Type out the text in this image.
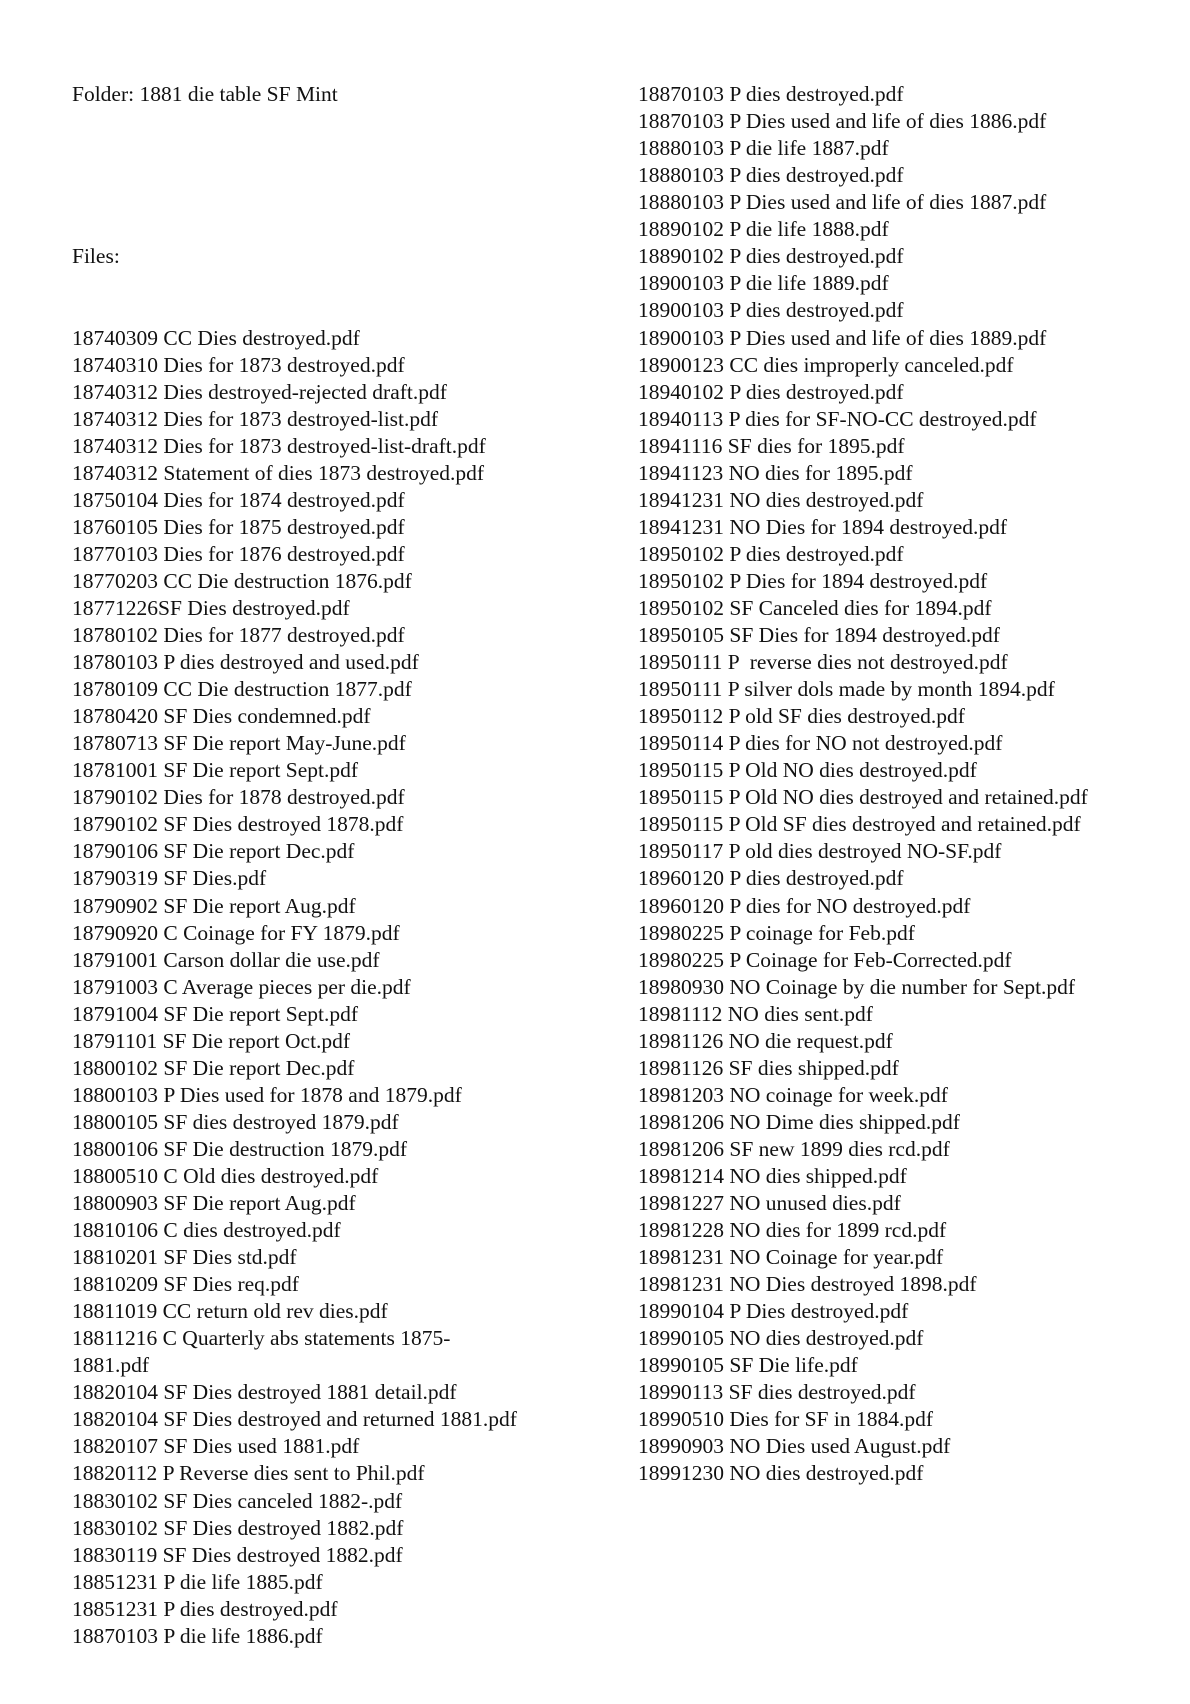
Folder: 1881 die table SF Mint

Files:

18740309 CC Dies destroyed.pdf
18740310 Dies for 1873 destroyed.pdf
18740312 Dies destroyed-rejected draft.pdf
18740312 Dies for 1873 destroyed-list.pdf
18740312 Dies for 1873 destroyed-list-draft.pdf
18740312 Statement of dies 1873 destroyed.pdf
18750104 Dies for 1874 destroyed.pdf
18760105 Dies for 1875 destroyed.pdf
18770103 Dies for 1876 destroyed.pdf
18770203 CC Die destruction 1876.pdf
18771226SF Dies destroyed.pdf
18780102 Dies for 1877 destroyed.pdf
18780103 P dies destroyed and used.pdf
18780109 CC Die destruction 1877.pdf
18780420 SF Dies condemned.pdf
18780713 SF Die report May-June.pdf
18781001 SF Die report Sept.pdf
18790102 Dies for 1878 destroyed.pdf
18790102 SF Dies destroyed 1878.pdf
18790106 SF Die report Dec.pdf
18790319 SF Dies.pdf
18790902 SF Die report Aug.pdf
18790920 C Coinage for FY 1879.pdf
18791001 Carson dollar die use.pdf
18791003 C Average pieces per die.pdf
18791004 SF Die report Sept.pdf
18791101 SF Die report Oct.pdf
18800102 SF Die report Dec.pdf
18800103 P Dies used for 1878 and 1879.pdf
18800105 SF dies destroyed 1879.pdf
18800106 SF Die destruction 1879.pdf
18800510 C Old dies destroyed.pdf
18800903 SF Die report Aug.pdf
18810106 C dies destroyed.pdf
18810201 SF Dies std.pdf
18810209 SF Dies req.pdf
18811019 CC return old rev dies.pdf
18811216 C Quarterly abs statements 1875-
1881.pdf
18820104 SF Dies destroyed 1881 detail.pdf
18820104 SF Dies destroyed and returned 1881.pdf
18820107 SF Dies used 1881.pdf
18820112 P Reverse dies sent to Phil.pdf
18830102 SF Dies canceled 1882-.pdf
18830102 SF Dies destroyed 1882.pdf
18830119 SF Dies destroyed 1882.pdf
18851231 P die life 1885.pdf
18851231 P dies destroyed.pdf
18870103 P die life 1886.pdf

18870103 P dies destroyed.pdf
18870103 P Dies used and life of dies 1886.pdf
18880103 P die life 1887.pdf
18880103 P dies destroyed.pdf
18880103 P Dies used and life of dies 1887.pdf
18890102 P die life 1888.pdf
18890102 P dies destroyed.pdf
18900103 P die life 1889.pdf
18900103 P dies destroyed.pdf
18900103 P Dies used and life of dies 1889.pdf
18900123 CC dies improperly canceled.pdf
18940102 P dies destroyed.pdf
18940113 P dies for SF-NO-CC destroyed.pdf
18941116 SF dies for 1895.pdf
18941123 NO dies for 1895.pdf
18941231 NO dies destroyed.pdf
18941231 NO Dies for 1894 destroyed.pdf
18950102 P dies destroyed.pdf
18950102 P Dies for 1894 destroyed.pdf
18950102 SF Canceled dies for 1894.pdf
18950105 SF Dies for 1894 destroyed.pdf
18950111 P  reverse dies not destroyed.pdf
18950111 P silver dols made by month 1894.pdf
18950112 P old SF dies destroyed.pdf
18950114 P dies for NO not destroyed.pdf
18950115 P Old NO dies destroyed.pdf
18950115 P Old NO dies destroyed and retained.pdf
18950115 P Old SF dies destroyed and retained.pdf
18950117 P old dies destroyed NO-SF.pdf
18960120 P dies destroyed.pdf
18960120 P dies for NO destroyed.pdf
18980225 P coinage for Feb.pdf
18980225 P Coinage for Feb-Corrected.pdf
18980930 NO Coinage by die number for Sept.pdf
18981112 NO dies sent.pdf
18981126 NO die request.pdf
18981126 SF dies shipped.pdf
18981203 NO coinage for week.pdf
18981206 NO Dime dies shipped.pdf
18981206 SF new 1899 dies rcd.pdf
18981214 NO dies shipped.pdf
18981227 NO unused dies.pdf
18981228 NO dies for 1899 rcd.pdf
18981231 NO Coinage for year.pdf
18981231 NO Dies destroyed 1898.pdf
18990104 P Dies destroyed.pdf
18990105 NO dies destroyed.pdf
18990105 SF Die life.pdf
18990113 SF dies destroyed.pdf
18990510 Dies for SF in 1884.pdf
18990903 NO Dies used August.pdf
18991230 NO dies destroyed.pdf
